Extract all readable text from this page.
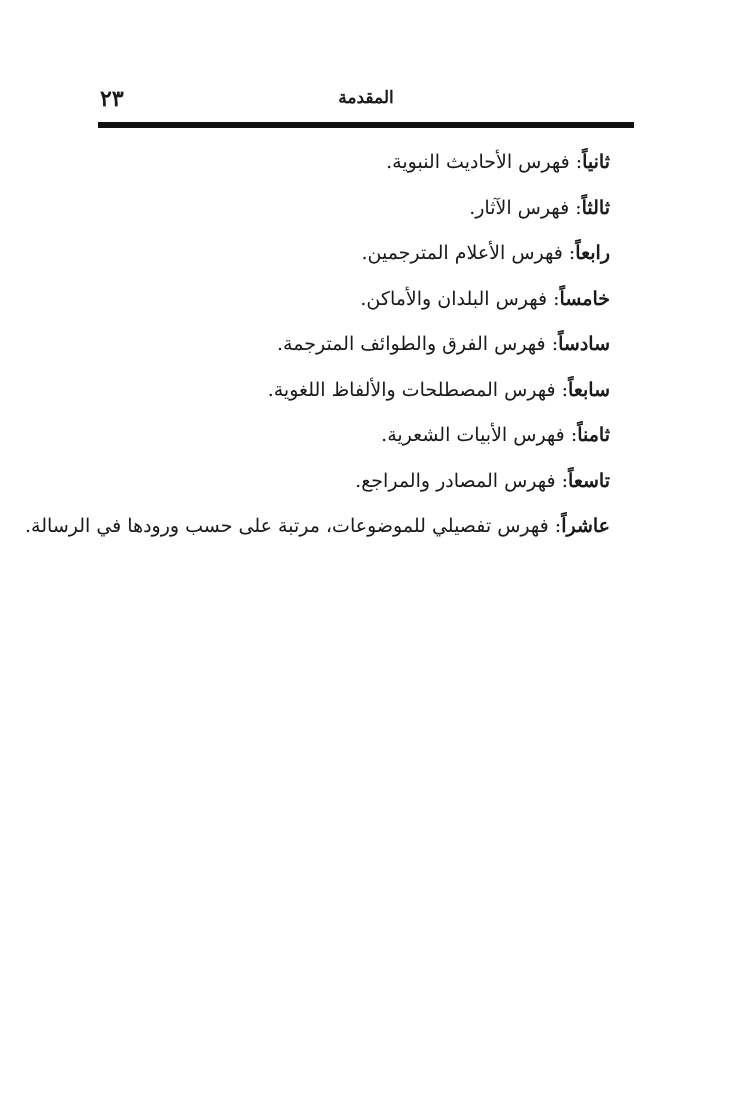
٢٣	المقدمة
ثانياً: فهرس الأحاديث النبوية.
ثالثاً: فهرس الآثار.
رابعاً: فهرس الأعلام المترجمين.
خامساً: فهرس البلدان والأماكن.
سادساً: فهرس الفرق والطوائف المترجمة.
سابعاً: فهرس المصطلحات والألفاظ اللغوية.
ثامناً: فهرس الأبيات الشعرية.
تاسعاً: فهرس المصادر والمراجع.
عاشراً: فهرس تفصيلي للموضوعات، مرتبة على حسب ورودها في الرسالة.
